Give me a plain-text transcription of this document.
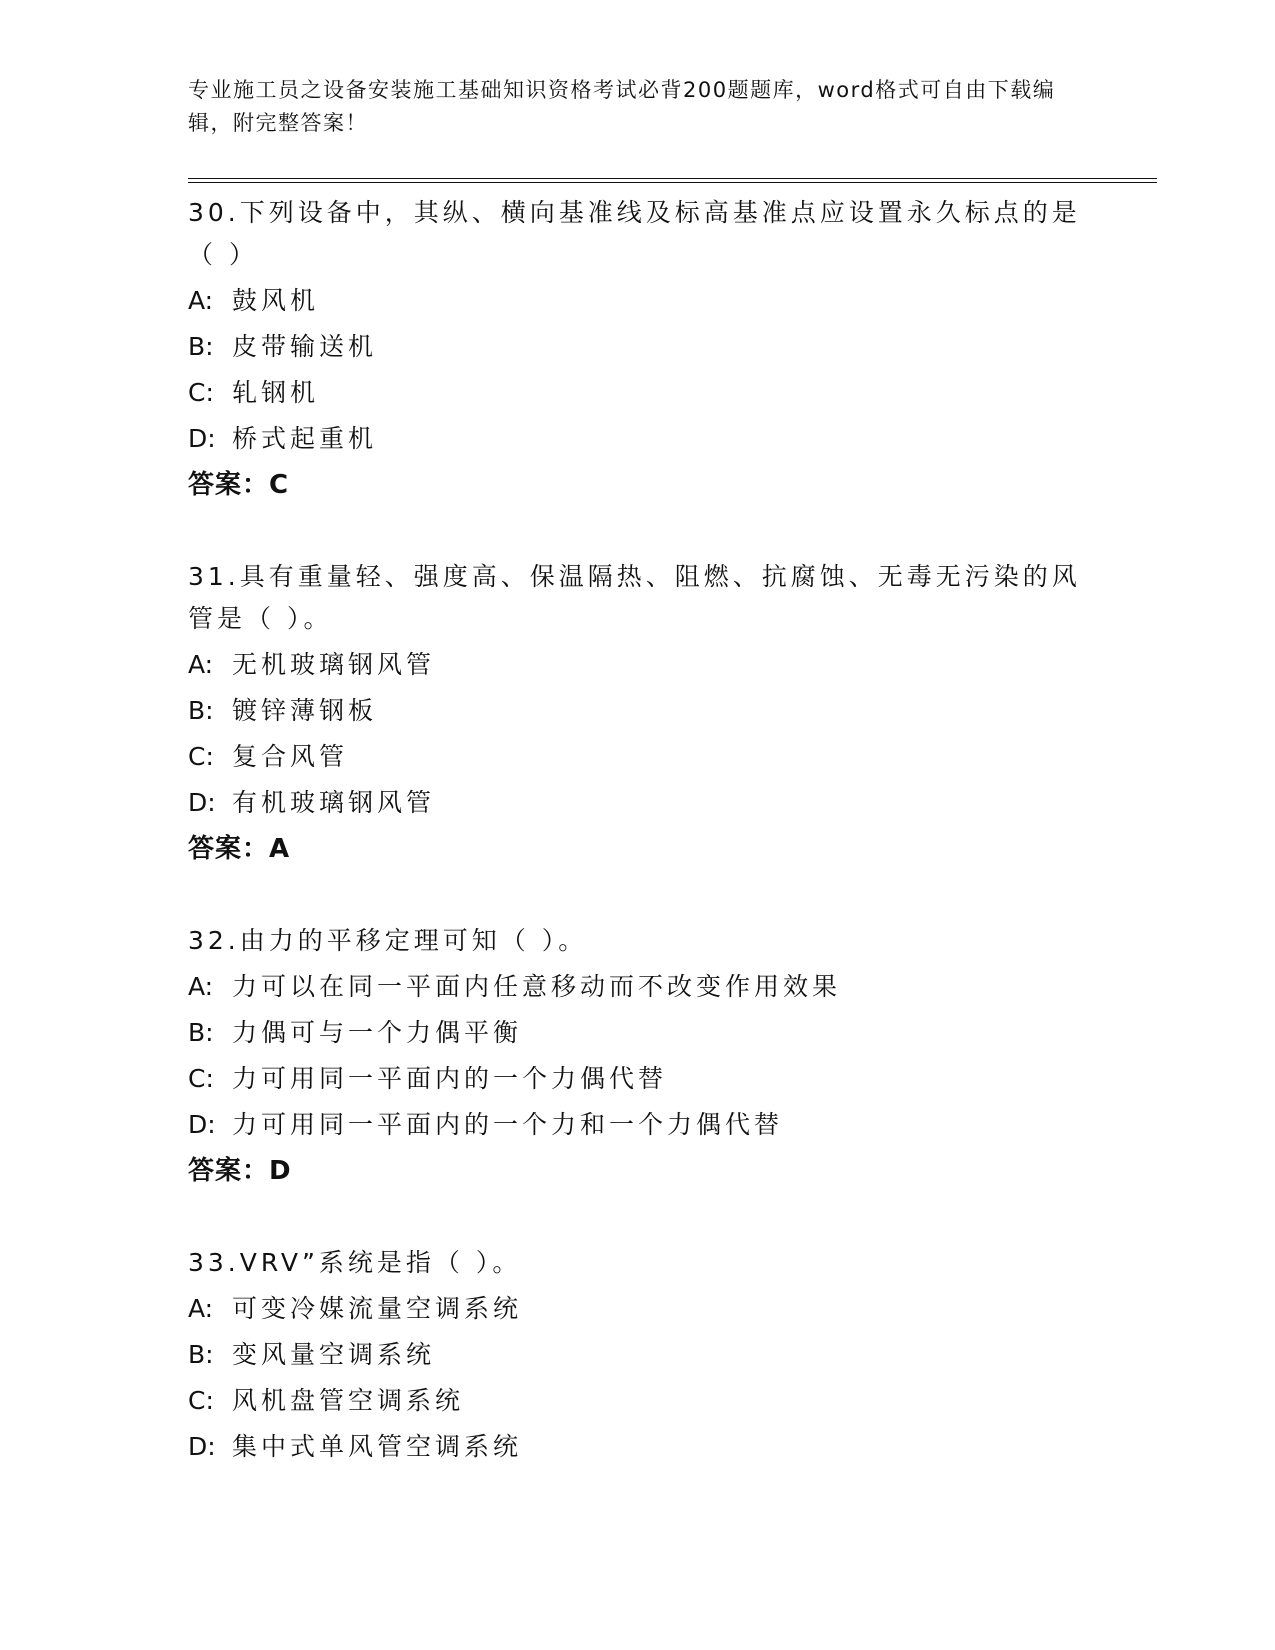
专业施工员之设备安装施工基础知识资格考试必背200题题库，word格式可自由下载编辑，附完整答案！
30.下列设备中，其纵、横向基准线及标高基准点应设置永久标点的是（ ）
A: 鼓风机
B: 皮带输送机
C: 轧钢机
D: 桥式起重机
答案：C
31.具有重量轻、强度高、保温隔热、阻燃、抗腐蚀、无毒无污染的风管是（ ）。
A: 无机玻璃钢风管
B: 镀锌薄钢板
C: 复合风管
D: 有机玻璃钢风管
答案：A
32.由力的平移定理可知（ ）。
A: 力可以在同一平面内任意移动而不改变作用效果
B: 力偶可与一个力偶平衡
C: 力可用同一平面内的一个力偶代替
D: 力可用同一平面内的一个力和一个力偶代替
答案：D
33.VRV”系统是指（ ）。
A: 可变冷媒流量空调系统
B: 变风量空调系统
C: 风机盘管空调系统
D: 集中式单风管空调系统
